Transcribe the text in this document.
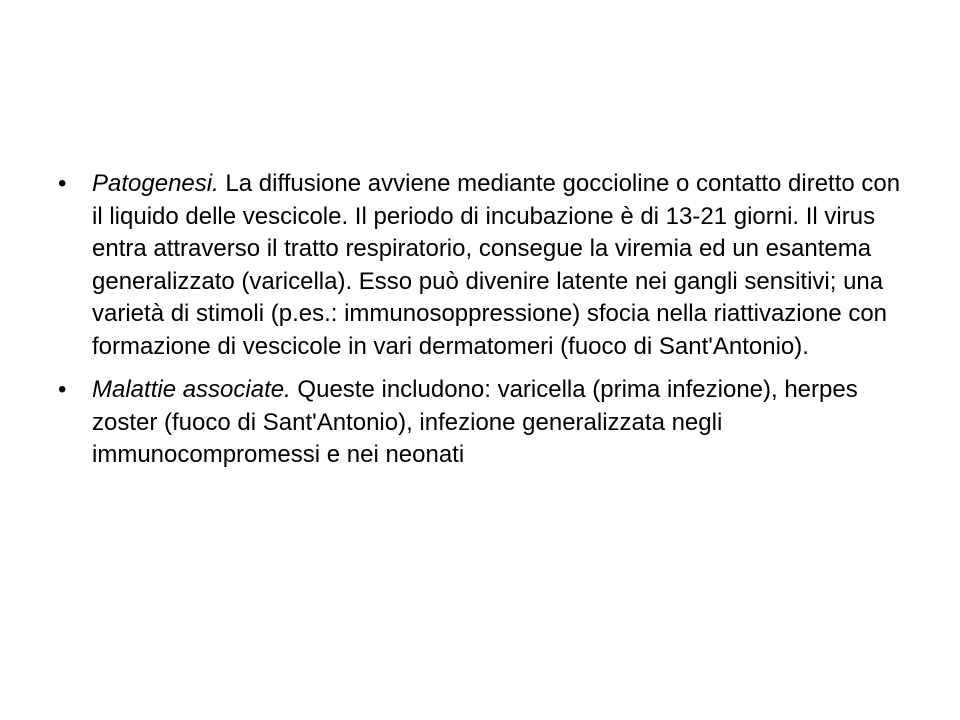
•	Patogenesi. La diffusione avviene mediante goccioline o contatto diretto con il liquido delle vescicole. Il periodo di incubazione è di 13-21 giorni. Il virus entra attraverso il tratto respiratorio, consegue la viremia ed un esantema generalizzato (varicella). Esso può divenire latente nei gangli sensitivi; una varietà di stimoli (p.es.: immunosoppressione) sfocia nella riattivazione con formazione di vescicole in vari dermatomeri (fuoco di Sant'Antonio).
•	Malattie associate. Queste includono: varicella (prima infezione), herpes zoster (fuoco di Sant'Antonio), infezione generalizzata negli immunocompromessi e nei neonati
